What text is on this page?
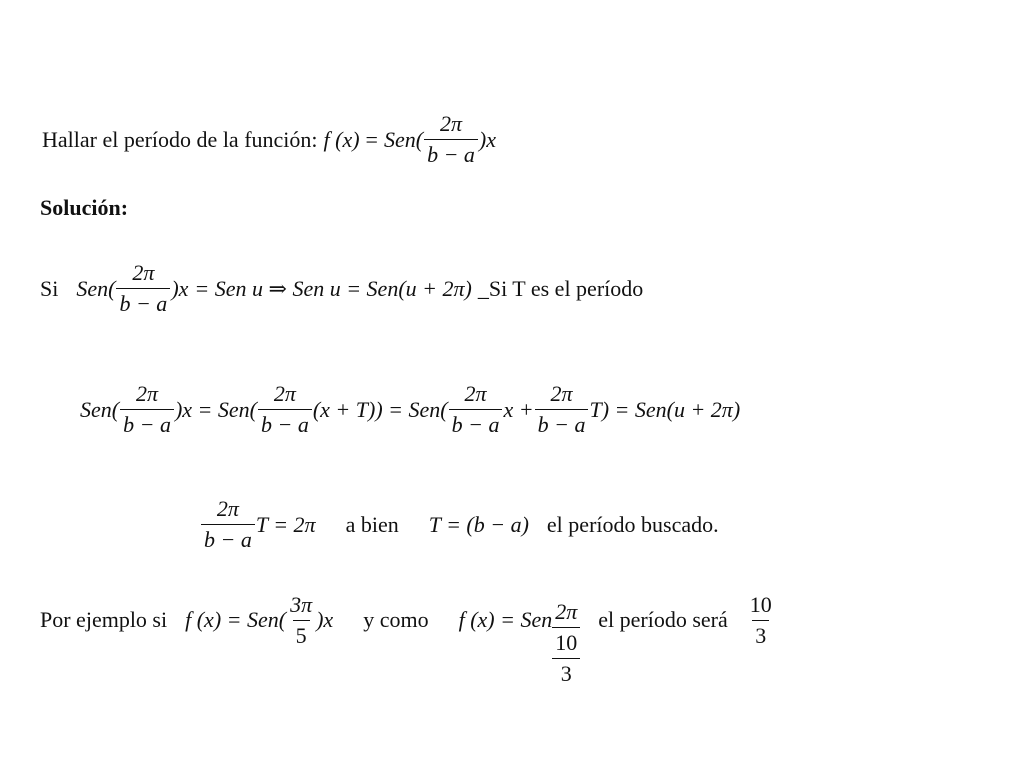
Hallar el período de la función: f $(x) = Sen( \frac{2\pi}{b - a} )x$
Solución:
Si $Sen( \frac{2\pi}{b - a} )x$ = Sen u ⇒ Sen u = Sen(u + 2π) _ Si T es el período
$Sen( \frac{2\pi}{b - a} )x = Sen( \frac{2\pi}{b - a} (x + T)) = Sen( \frac{2\pi}{b - a}$ $x + \frac{2\pi}{b - a} T) = Sen(u + 2\pi)$
$\frac{2\pi}{b - a}$ T = 2π a bien T = (b − a) el período buscado.
Por ejemplo si f $(x) = Sen( \frac{3\pi}{5} )x$ y como f (x) = Sen 2π
10
3
el período será $\frac{10}{3}$
